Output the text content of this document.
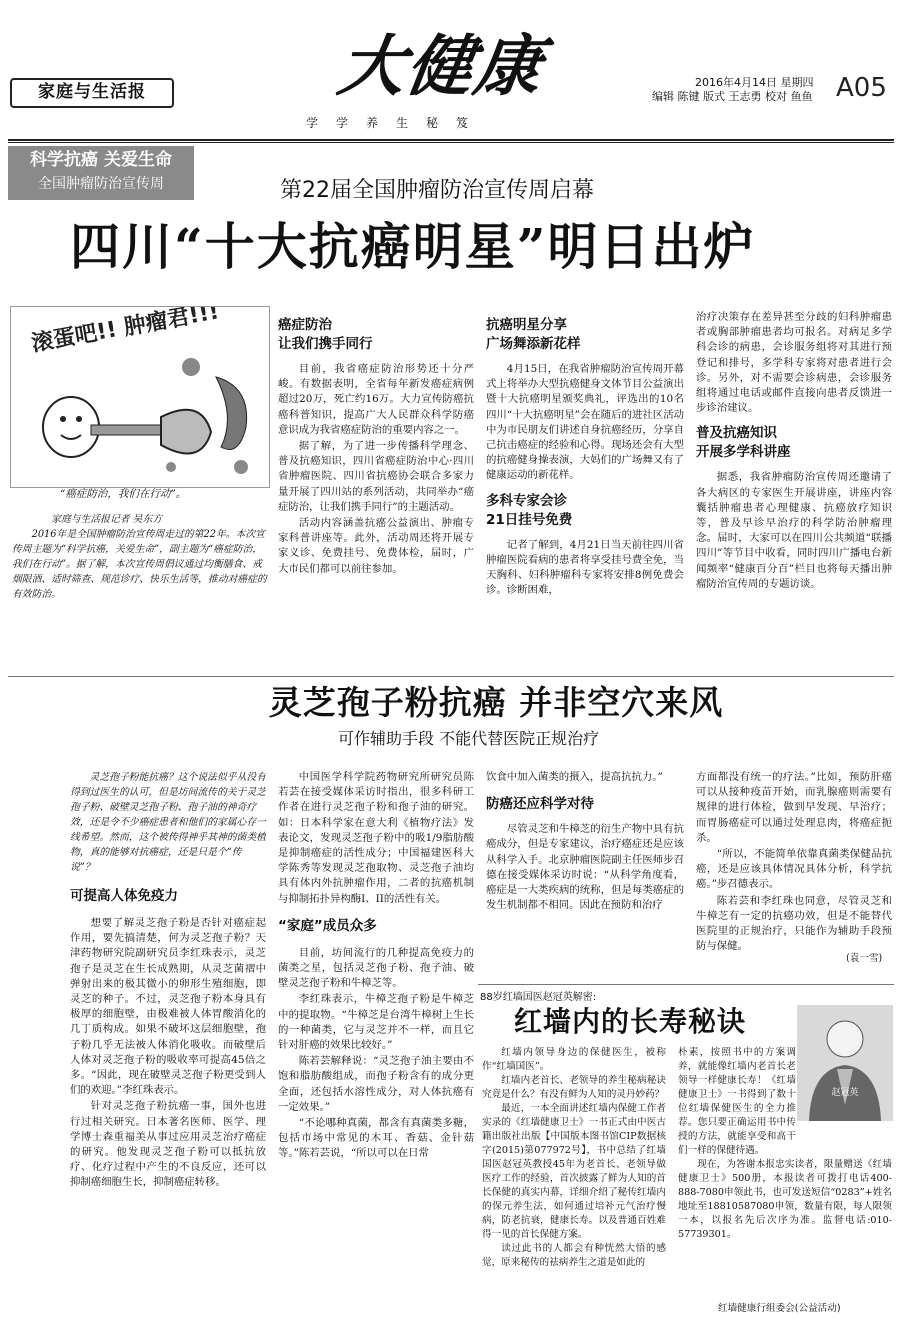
家庭与生活报	大健康
学学养生秘笈
2016年4月14日 星期四
编辑 陈键 版式 王志勇 校对 鱼鱼 A05
科学抗癌 关爱生命
全国肿瘤防治宣传周	第22届全国肿瘤防治宣传周启幕
四川“十大抗癌明星”明日出炉
滚蛋吧!! 肿瘤君!!!
“癌症防治，我们在行动”。

家庭与生活报记者 吴东方

2016年是全国肿瘤防治宣传周走过的第22年。本次宣传周主题为“科学抗癌，关爱生命”，副主题为“癌症防治，我们在行动”。据了解，本次宣传周倡议通过均衡膳食、戒烟限酒、适时筛查、规范诊疗、快乐生活等，推动对癌症的有效防治。

癌症防治

让我们携手同行

目前，我省癌症防治形势还十分严峻。有数据表明，全省每年新发癌症病例超过20万，死亡约16万。大力宣传防癌抗癌科普知识，提高广大人民群众科学防癌意识成为我省癌症防治的重要内容之一。

据了解，为了进一步传播科学理念、普及抗癌知识，四川省癌症防治中心·四川省肿瘤医院、四川省抗癌协会联合多家力量开展了四川站的系列活动，共同举办“癌症防治，让我们携手同行”的主题活动。

活动内容涵盖抗癌公益演出、肿瘤专家科普讲座等。此外，活动周还将开展专家义诊、免费挂号、免费体检，届时，广大市民们都可以前往参加。

抗癌明星分享

广场舞添新花样

4月15日，在我省肿瘤防治宣传周开幕式上将举办大型抗癌健身文体节目公益演出暨十大抗癌明星颁奖典礼，评选出的10名四川“十大抗癌明星”会在随后的进社区活动中为市民朋友们讲述自身抗癌经历，分享自己抗击癌症的经验和心得。现场还会有大型的抗癌健身操表演，大妈们的广场舞又有了健康运动的新花样。

多科专家会诊

21日挂号免费

记者了解到，4月21日当天前往四川省肿瘤医院看病的患者将享受挂号费全免，当天胸科、妇科肿瘤科专家将安排8例免费会诊。诊断困难，

治疗决策存在差异甚至分歧的妇科肿瘤患者或胸部肿瘤患者均可报名。对病足多学科会诊的病患，会诊服务组将对其进行预登记和排号，多学科专家将对患者进行会诊。另外，对不需要会诊病患，会诊服务组将通过电话或邮件直接向患者反馈进一步诊治建议。

普及抗癌知识

开展多学科讲座

据悉，我省肿瘤防治宣传周还邀请了各大病区的专家医生开展讲座，讲座内容囊括肿瘤患者心理健康、抗癌放疗知识等，普及早诊早治疗的科学防治肿瘤理念。届时，大家可以在四川公共频道“联播四川”等节目中收看，同时四川广播电台新闻频率“健康百分百”栏目也将每天播出肿瘤防治宣传周的专题访谈。

灵芝孢子粉抗癌 并非空穴来风
可作辅助手段 不能代替医院正规治疗

灵芝孢子粉能抗癌？这个说法似乎从没有得到过医生的认可，但是坊间流传的关于灵芝孢子粉、破壁灵芝孢子粉、孢子油的神奇疗效，还是令不少癌症患者和他们的家属心存一线希望。然而，这个被传得神乎其神的菌类植物，真的能够对抗癌症，还是只是个“传说”？

可提高人体免疫力

想要了解灵芝孢子粉是否针对癌症起作用，要先搞清楚，何为灵芝孢子粉？天津药物研究院副研究员李红珠表示，灵芝孢子是灵芝在生长成熟期，从灵芝菌褶中弹射出来的极其微小的卵形生殖细胞，即灵芝的种子。不过，灵芝孢子粉本身具有极厚的细胞壁，由极难被人体胃酸消化的几丁质构成。如果不破坏这层细胞壁，孢子粉几乎无法被人体消化吸收。而破壁后人体对灵芝孢子粉的吸收率可提高45倍之多。“因此，现在破壁灵芝孢子粉更受到人们的欢迎。”李红珠表示。

针对灵芝孢子粉抗癌一事，国外也进行过相关研究。日本著名医师、医学、理学博士森重福美从事过应用灵芝治疗癌症的研究。他发现灵芝孢子粉可以抵抗放疗、化疗过程中产生的不良反应，还可以抑制癌细胞生长，抑制癌症转移。

中国医学科学院药物研究所研究员陈若芸在接受媒体采访时指出，很多科研工作者在进行灵芝孢子粉和孢子油的研究。如：日本科学家在意大利《植物疗法》发表论文，发现灵芝孢子粉中的吸1/9脂肪酸是抑制癌症的活性成分；中国福建医科大学陈秀等发现灵芝孢取物、灵芝孢子油均具有体内外抗肿瘤作用，二者的抗癌机制与抑制拓扑异构酶I、II的活性有关。

“家庭”成员众多

目前，坊间流行的几种提高免疫力的菌类之星，包括灵芝孢子粉、孢子油、破壁灵芝孢子粉和牛樟芝等。

李红珠表示，牛樟芝孢子粉是牛樟芝中的提取物。“牛樟芝是台湾牛樟树上生长的一种菌类，它与灵芝并不一样，而且它针对肝癌的效果比较好。”

陈若芸解释说：“灵芝孢子油主要由不饱和脂肪酸组成，而孢子粉含有的成分更全面，还包括水溶性成分，对人体抗癌有一定效果。”

“不论哪种真菌，都含有真菌类多糖，包括市场中常见的木耳、香菇、金针菇等。”陈若芸说，“所以可以在日常

饮食中加入菌类的摄入，提高抗抗力。”

防癌还应科学对待

尽管灵芝和牛樟芝的衍生产物中具有抗癌成分，但是专家建议，治疗癌症还是应该从科学入手。北京肿瘤医院副主任医师步召德在接受媒体采访时说：“从科学角度看，癌症是一大类疾病的统称，但是每类癌症的发生机制都不相同。因此在预防和治疗

方面都没有统一的疗法。”比如，预防肝癌可以从接种疫苗开始，而乳腺癌则需要有规律的进行体检，做到早发现、早治疗；而胃肠癌症可以通过处理息肉，将癌症扼杀。

“所以，不能简单依靠真菌类保健品抗癌，还是应该具体情况具体分析，科学抗癌。”步召德表示。

陈若芸和李红珠也同意，尽管灵芝和牛樟芝有一定的抗癌功效，但是不能替代医院里的正规治疗，只能作为辅助手段预防与保健。

(袁一雪)
88岁红墙国医赵冠英解密:
红墙内的长寿秘诀
赵冠英

红墙内领导身边的保健医生，被称作“红墙国医”。

红墙内老首长、老领导的养生秘病秘诀究竟是什么？有没有鲜为人知的灵丹妙药？

最近，一本全面讲述红墙内保健工作者实录的《红墙健康卫士》一书正式由中医古籍出版社出版【中国版本图书馆CIP数据核字(2015)第077972号】，书中总结了红墙国医赵冠英教授45年为老首长、老领导做医疗工作的经验，首次披露了鲜为人知的首长保健的真实内幕，详细介绍了秘传红墙内的保元养生法，如何通过培补元气治疗慢病，防老抗衰，健康长寿。以及普通百姓难得一见的首长保健方案。

读过此书的人都会有种恍然大悟的感觉，原来秘传的祛病养生之道是如此的

朴素，按照书中的方案调养，就能像红墙内老首长老领导一样健康长寿！《红墙健康卫士》一书得到了数十位红墙保健医生的全力推荐。您只要正确运用书中传授的方法，就能享受和高干们一样的保健待遇。

现在，为答谢本报忠实读者，限量赠送《红墙健康卫士》500册，本报读者可拨打电话400-888-7080申领此书，也可发送短信“0283”+姓名地址至18810587080申领，数量有限，每人限领一本，以报名先后次序为准。监督电话:010-57739301。

红墙健康行组委会(公益活动)
